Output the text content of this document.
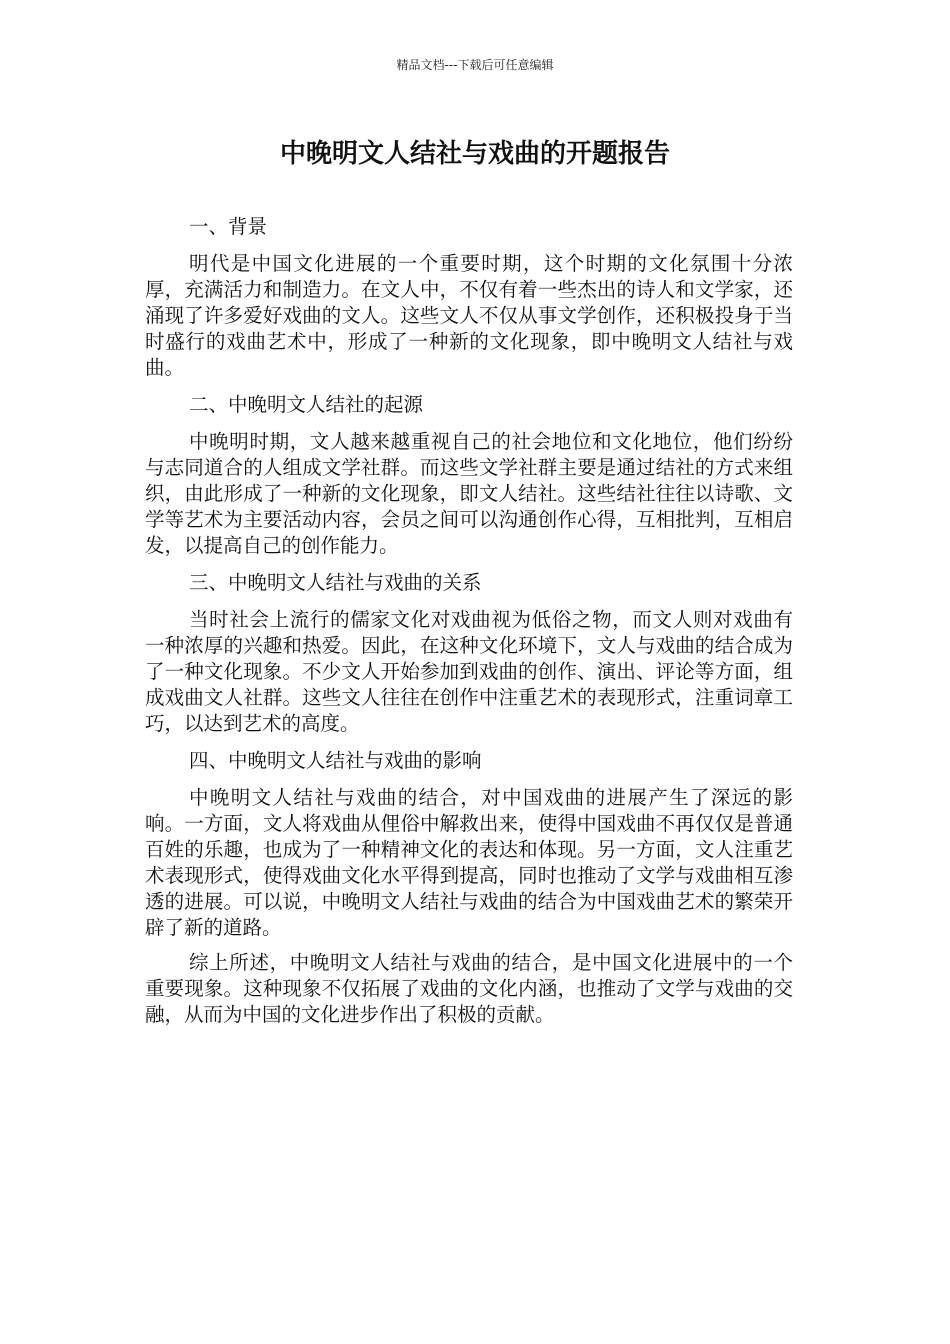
精品文档---下载后可任意编辑
中晚明文人结社与戏曲的开题报告

一、背景

明代是中国文化进展的一个重要时期，这个时期的文化氛围十分浓厚，充满活力和制造力。在文人中，不仅有着一些杰出的诗人和文学家，还涌现了许多爱好戏曲的文人。这些文人不仅从事文学创作，还积极投身于当时盛行的戏曲艺术中，形成了一种新的文化现象，即中晚明文人结社与戏曲。

二、中晚明文人结社的起源

中晚明时期，文人越来越重视自己的社会地位和文化地位，他们纷纷与志同道合的人组成文学社群。而这些文学社群主要是通过结社的方式来组织，由此形成了一种新的文化现象，即文人结社。这些结社往往以诗歌、文学等艺术为主要活动内容，会员之间可以沟通创作心得，互相批判，互相启发，以提高自己的创作能力。

三、中晚明文人结社与戏曲的关系

当时社会上流行的儒家文化对戏曲视为低俗之物，而文人则对戏曲有一种浓厚的兴趣和热爱。因此，在这种文化环境下，文人与戏曲的结合成为了一种文化现象。不少文人开始参加到戏曲的创作、演出、评论等方面，组成戏曲文人社群。这些文人往往在创作中注重艺术的表现形式，注重词章工巧，以达到艺术的高度。

四、中晚明文人结社与戏曲的影响

中晚明文人结社与戏曲的结合，对中国戏曲的进展产生了深远的影响。一方面，文人将戏曲从俚俗中解救出来，使得中国戏曲不再仅仅是普通百姓的乐趣，也成为了一种精神文化的表达和体现。另一方面，文人注重艺术表现形式，使得戏曲文化水平得到提高，同时也推动了文学与戏曲相互渗透的进展。可以说，中晚明文人结社与戏曲的结合为中国戏曲艺术的繁荣开辟了新的道路。

综上所述，中晚明文人结社与戏曲的结合，是中国文化进展中的一个重要现象。这种现象不仅拓展了戏曲的文化内涵，也推动了文学与戏曲的交融，从而为中国的文化进步作出了积极的贡献。
